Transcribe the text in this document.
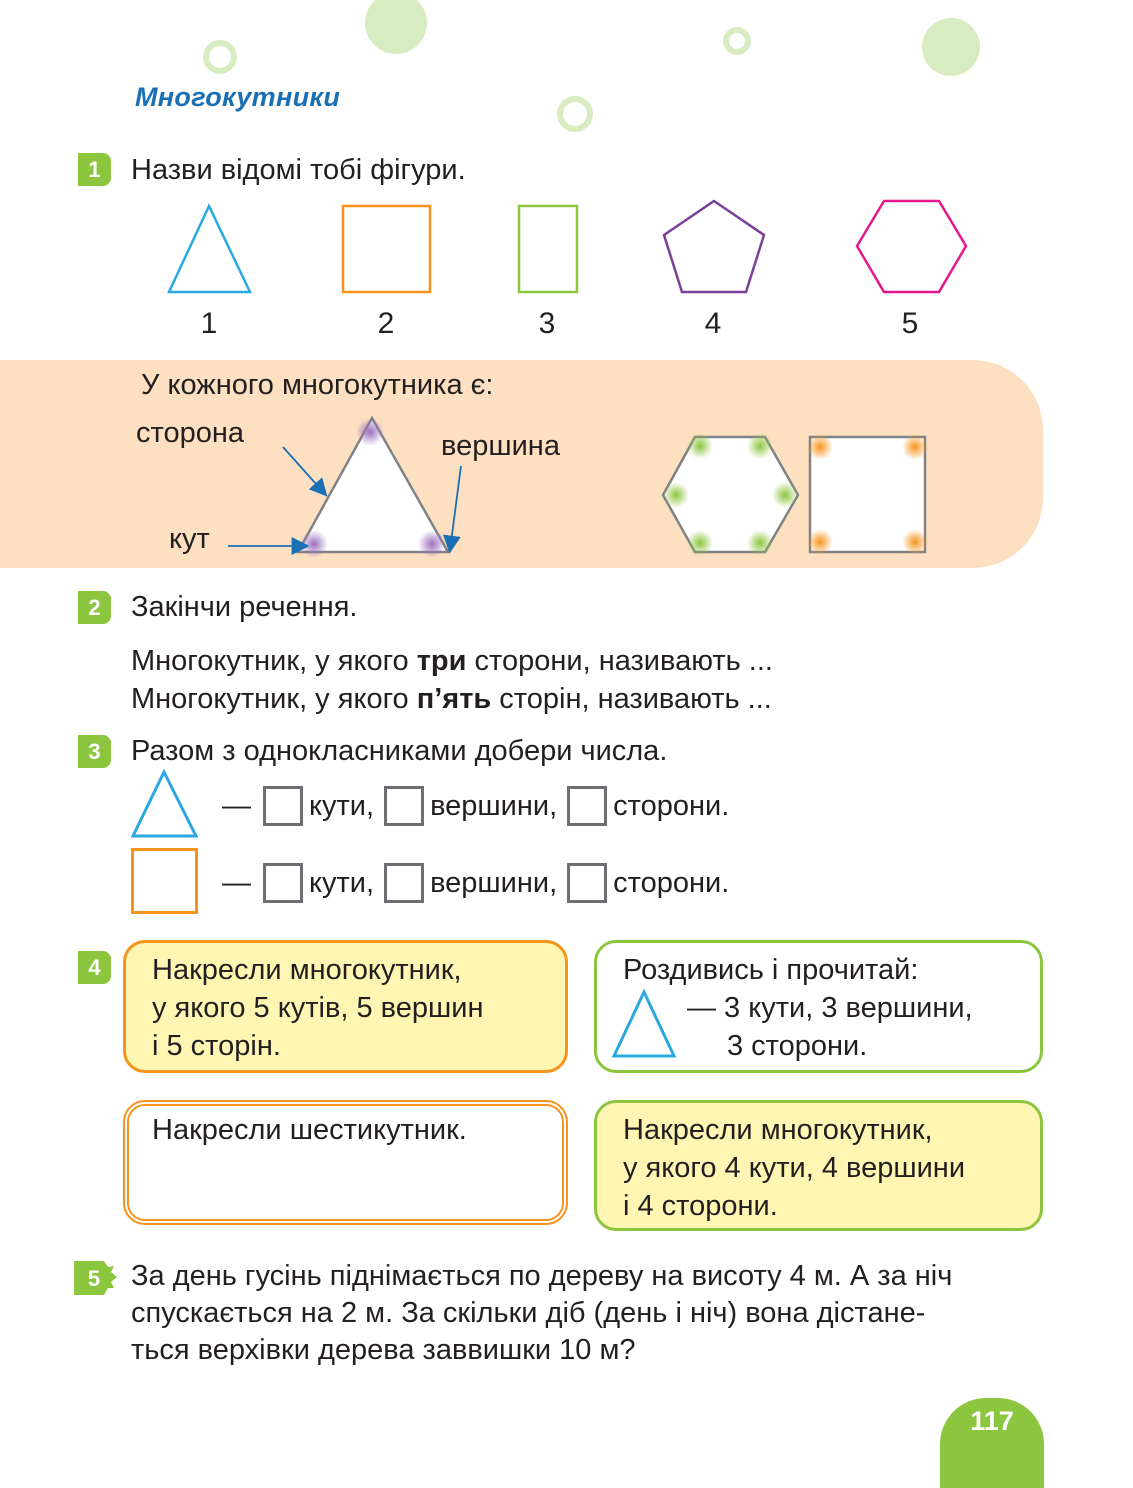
Многокутники
1	Назви відомі тобі фігури.
1	2	3	4	5
У кожного многокутника є:
сторона	вершина
кут
2	Закінчи речення.
Многокутник, у якого три сторони, називають ...
Многокутник, у якого п’ять сторін, називають ...
3	Разом з однокласниками добери числа.
— кути, вершини, сторони.
— кути, вершини, сторони.
4	Накресли многокутник,
у якого 5 кутів, 5 вершин
і 5 сторін.
Роздивись і прочитай:
— 3 кути, 3 вершини,
3 сторони.
Накресли шестикутник.	Накресли многокутник,
у якого 4 кути, 4 вершини
і 4 сторони.
5 За день гусінь піднімається по дереву на висоту 4 м. А за ніч
спускається на 2 м. За скільки діб (день і ніч) вона дістане-
ться верхівки дерева заввишки 10 м?
117
